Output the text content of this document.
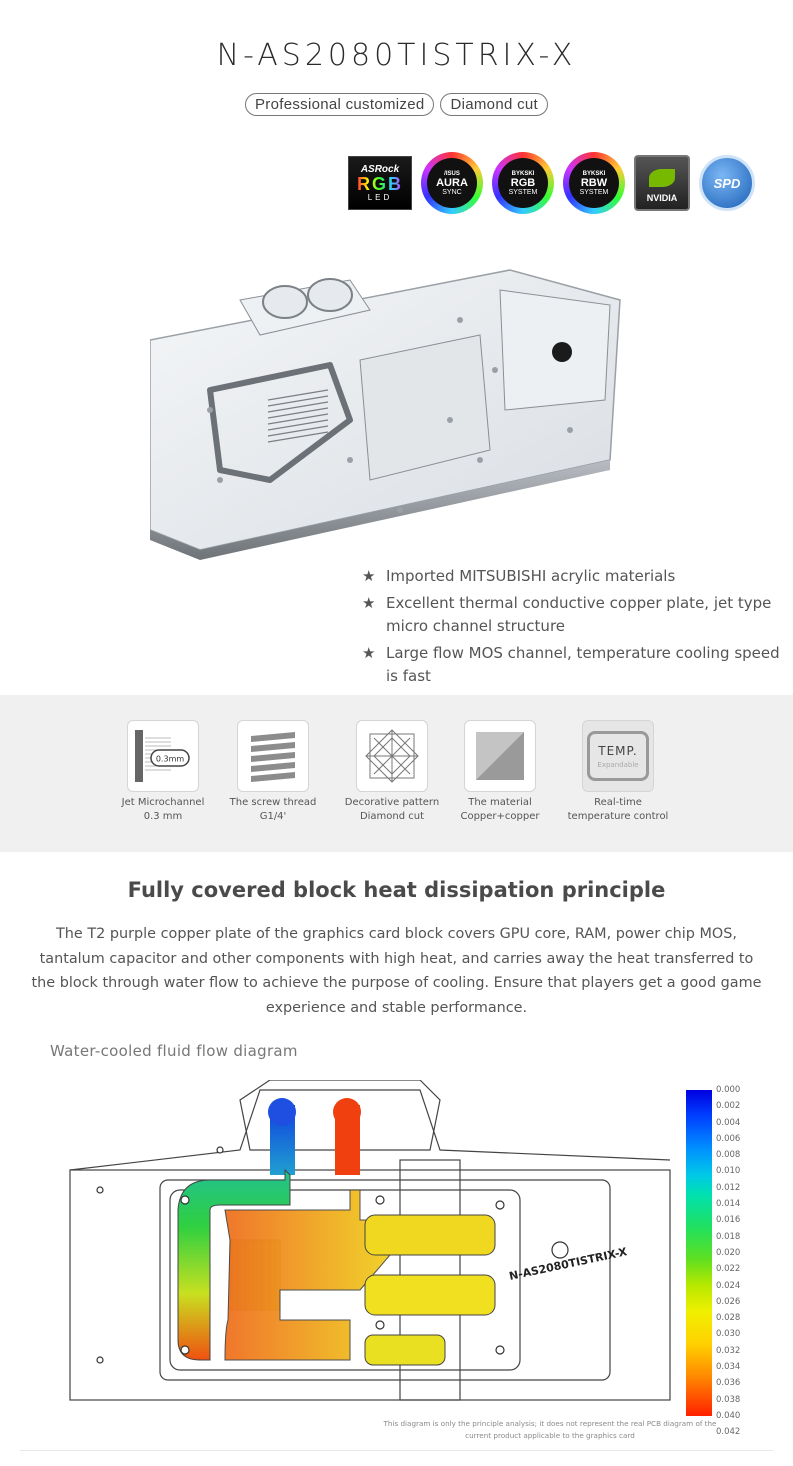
N-AS2080TISTRIX-X
Professional customized	Diamond cut
ASRock
RGB
LED
/ISUS
AURA
SYNC
BYKSKI
RGB
SYSTEM
BYKSKI
RBW
SYSTEM
NVIDIA
SPD
★ Imported MITSUBISHI acrylic materials
★ Excellent thermal conductive copper plate, jet type micro channel structure
★ Large flow MOS channel, temperature cooling speed is fast
0.3mm
Jet Microchannel
0.3 mm
The screw thread
G1/4'
Decorative pattern
Diamond cut
The material
Copper+copper
TEMP.
Expandable
Real-time
temperature control
Fully covered block heat dissipation principle
The T2 purple copper plate of the graphics card block covers GPU core, RAM, power chip MOS, tantalum capacitor and other components with high heat, and carries away the heat transferred to the block through water flow to achieve the purpose of cooling. Ensure that players get a good game experience and stable performance.
Water-cooled fluid flow diagram
N-AS2080TISTRIX-X
0.000
0.002
0.004
0.006
0.008
0.010
0.012
0.014
0.016
0.018
0.020
0.022
0.024
0.026
0.028
0.030
0.032
0.034
0.036
0.038
0.040
0.042
This diagram is only the principle analysis; it does not represent the real PCB diagram of the current product applicable to the graphics card
